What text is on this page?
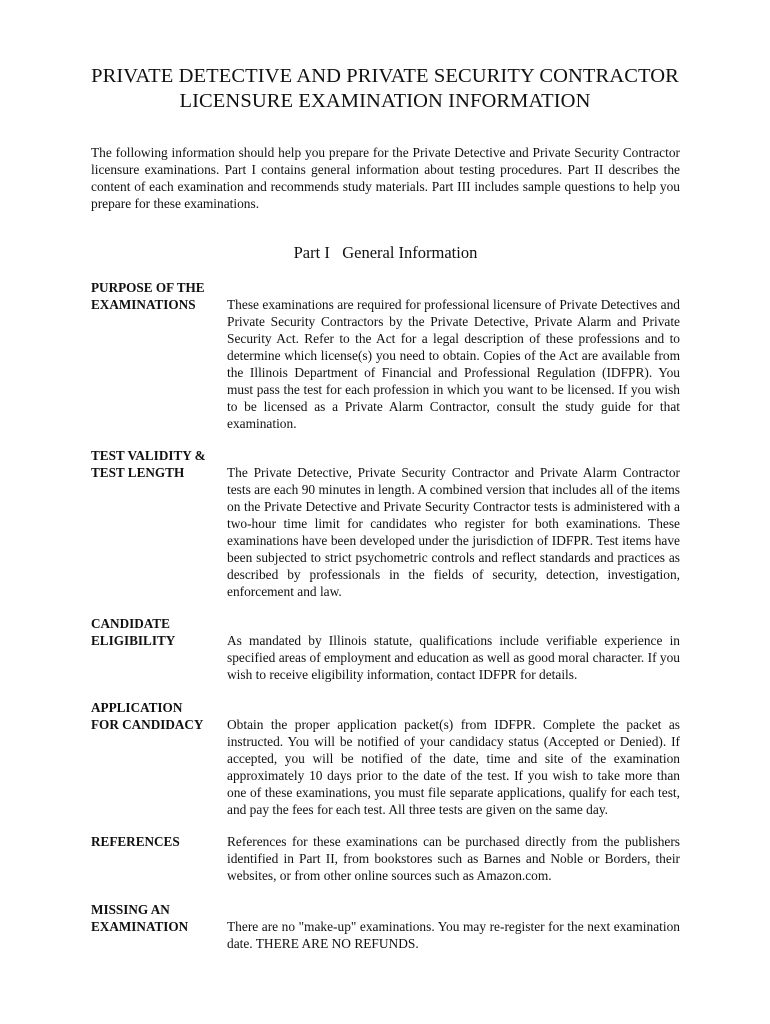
PRIVATE DETECTIVE AND PRIVATE SECURITY CONTRACTOR
LICENSURE EXAMINATION INFORMATION
The following information should help you prepare for the Private Detective and Private Security Contractor licensure examinations. Part I contains general information about testing procedures. Part II describes the content of each examination and recommends study materials. Part III includes sample questions to help you prepare for these examinations.
Part I   General Information
PURPOSE OF THE
EXAMINATIONS	These examinations are required for professional licensure of Private Detectives and Private Security Contractors by the Private Detective, Private Alarm and Private Security Act. Refer to the Act for a legal description of these professions and to determine which license(s) you need to obtain. Copies of the Act are available from the Illinois Department of Financial and Professional Regulation (IDFPR). You must pass the test for each profession in which you want to be licensed. If you wish to be licensed as a Private Alarm Contractor, consult the study guide for that examination.

TEST VALIDITY &
TEST LENGTH	The Private Detective, Private Security Contractor and Private Alarm Contractor tests are each 90 minutes in length. A combined version that includes all of the items on the Private Detective and Private Security Contractor tests is administered with a two-hour time limit for candidates who register for both examinations. These examinations have been developed under the jurisdiction of IDFPR. Test items have been subjected to strict psychometric controls and reflect standards and practices as described by professionals in the fields of security, detection, investigation, enforcement and law.

CANDIDATE
ELIGIBILITY	As mandated by Illinois statute, qualifications include verifiable experience in specified areas of employment and education as well as good moral character. If you wish to receive eligibility information, contact IDFPR for details.

APPLICATION
FOR CANDIDACY	Obtain the proper application packet(s) from IDFPR. Complete the packet as instructed. You will be notified of your candidacy status (Accepted or Denied). If accepted, you will be notified of the date, time and site of the examination approximately 10 days prior to the date of the test. If you wish to take more than one of these examinations, you must file separate applications, qualify for each test, and pay the fees for each test. All three tests are given on the same day.

REFERENCES	References for these examinations can be purchased directly from the publishers identified in Part II, from bookstores such as Barnes and Noble or Borders, their websites, or from other online sources such as Amazon.com.

MISSING AN
EXAMINATION	There are no "make-up" examinations. You may re-register for the next examination date. THERE ARE NO REFUNDS.
